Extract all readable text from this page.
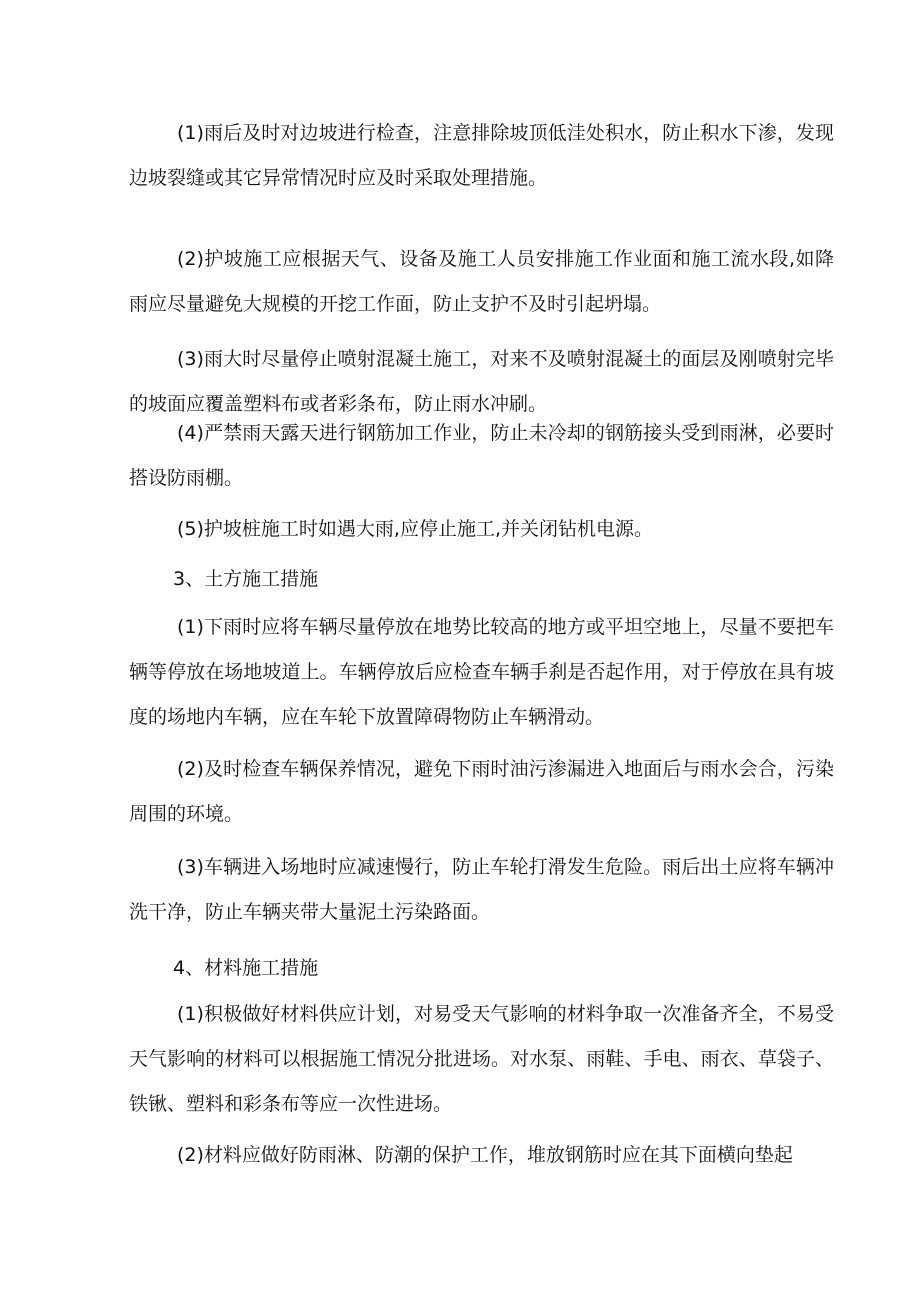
(1)雨后及时对边坡进行检查，注意排除坡顶低洼处积水，防止积水下渗，发现边坡裂缝或其它异常情况时应及时采取处理措施。

(2)护坡施工应根据天气、设备及施工人员安排施工作业面和施工流水段,如降雨应尽量避免大规模的开挖工作面，防止支护不及时引起坍塌。

(3)雨大时尽量停止喷射混凝土施工，对来不及喷射混凝土的面层及刚喷射完毕的坡面应覆盖塑料布或者彩条布，防止雨水冲刷。

(4)严禁雨天露天进行钢筋加工作业，防止未冷却的钢筋接头受到雨淋，必要时搭设防雨棚。

(5)护坡桩施工时如遇大雨,应停止施工,并关闭钻机电源。

3、土方施工措施

(1)下雨时应将车辆尽量停放在地势比较高的地方或平坦空地上，尽量不要把车辆等停放在场地坡道上。车辆停放后应检查车辆手刹是否起作用，对于停放在具有坡度的场地内车辆，应在车轮下放置障碍物防止车辆滑动。

(2)及时检查车辆保养情况，避免下雨时油污渗漏进入地面后与雨水会合，污染周围的环境。

(3)车辆进入场地时应减速慢行，防止车轮打滑发生危险。雨后出土应将车辆冲洗干净，防止车辆夹带大量泥土污染路面。

4、材料施工措施

(1)积极做好材料供应计划，对易受天气影响的材料争取一次准备齐全，不易受天气影响的材料可以根据施工情况分批进场。对水泵、雨鞋、手电、雨衣、草袋子、铁锹、塑料和彩条布等应一次性进场。

(2)材料应做好防雨淋、防潮的保护工作，堆放钢筋时应在其下面横向垫起
